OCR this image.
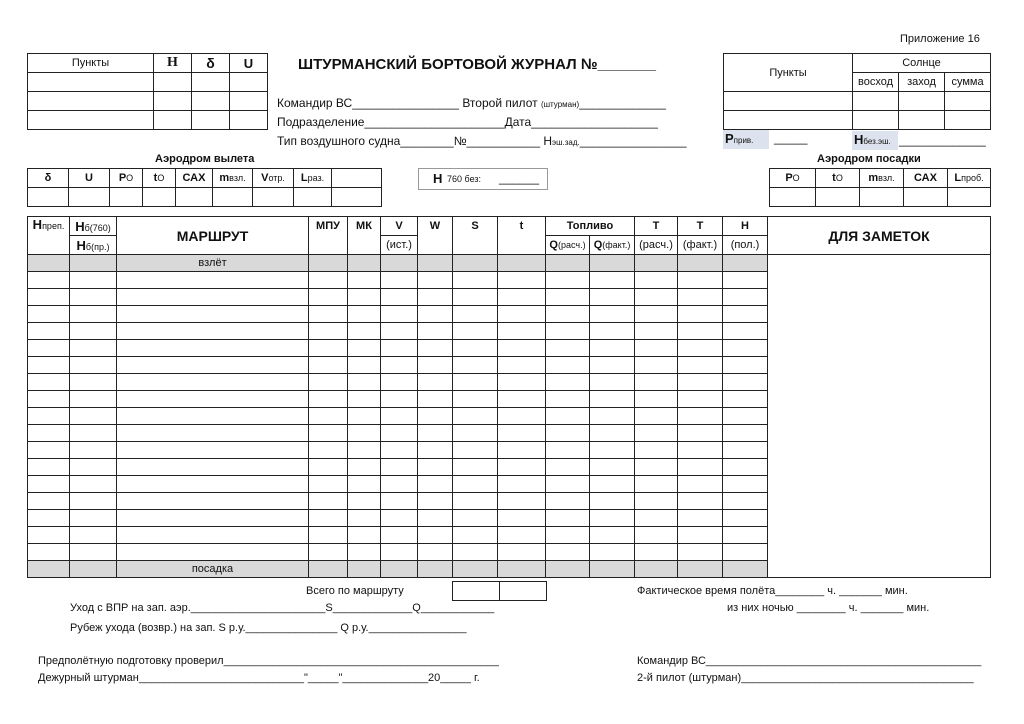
Приложение 16
Пункты	Н	δ	U

				ШТУРМАНСКИЙ БОРТОВОЙ ЖУРНАЛ №_______
Командир ВС________________ Второй пилот (штурман)_____________
Подразделение_____________________Дата___________________
Тип воздушного судна________№___________ Нэш.зад.________________
Пункты	Солнце		
	восход	заход	сумма

Рприв.	_____	Нбез.эш. _____________
Аэродром вылета
δ	U	РО	tО	САХ	mвзл.	Vотр.	Lраз.	
									Н 760 без: ______
Аэродром посадки
РО	tО	mвзл.	САХ	Lпроб.

Нпреп.	Нб(760)	МАРШРУТ	МПУ	МК	V	W	S	t	Топливо		Т	Т	Н	ДЛЯ ЗАМЕТОК
	Нб(пр.)				(ист.)				Q(расч.)	Q(факт.)	(расч.)	(факт.)	(пол.)	
		взлёт												

		посадка												
Всего по маршруту

Уход с ВПР на зап. аэр.______________________S_____________Q____________
Рубеж ухода (возвр.) на зап. S р.у._______________ Q р.у.________________
Фактическое время полёта________ ч. _______ мин.
из них ночью ________ ч. _______ мин.
Предполётную подготовку проверил_____________________________________________
Дежурный штурман___________________________"_____"______________20_____ г.
Командир ВС_____________________________________________
2-й пилот (штурман)______________________________________
